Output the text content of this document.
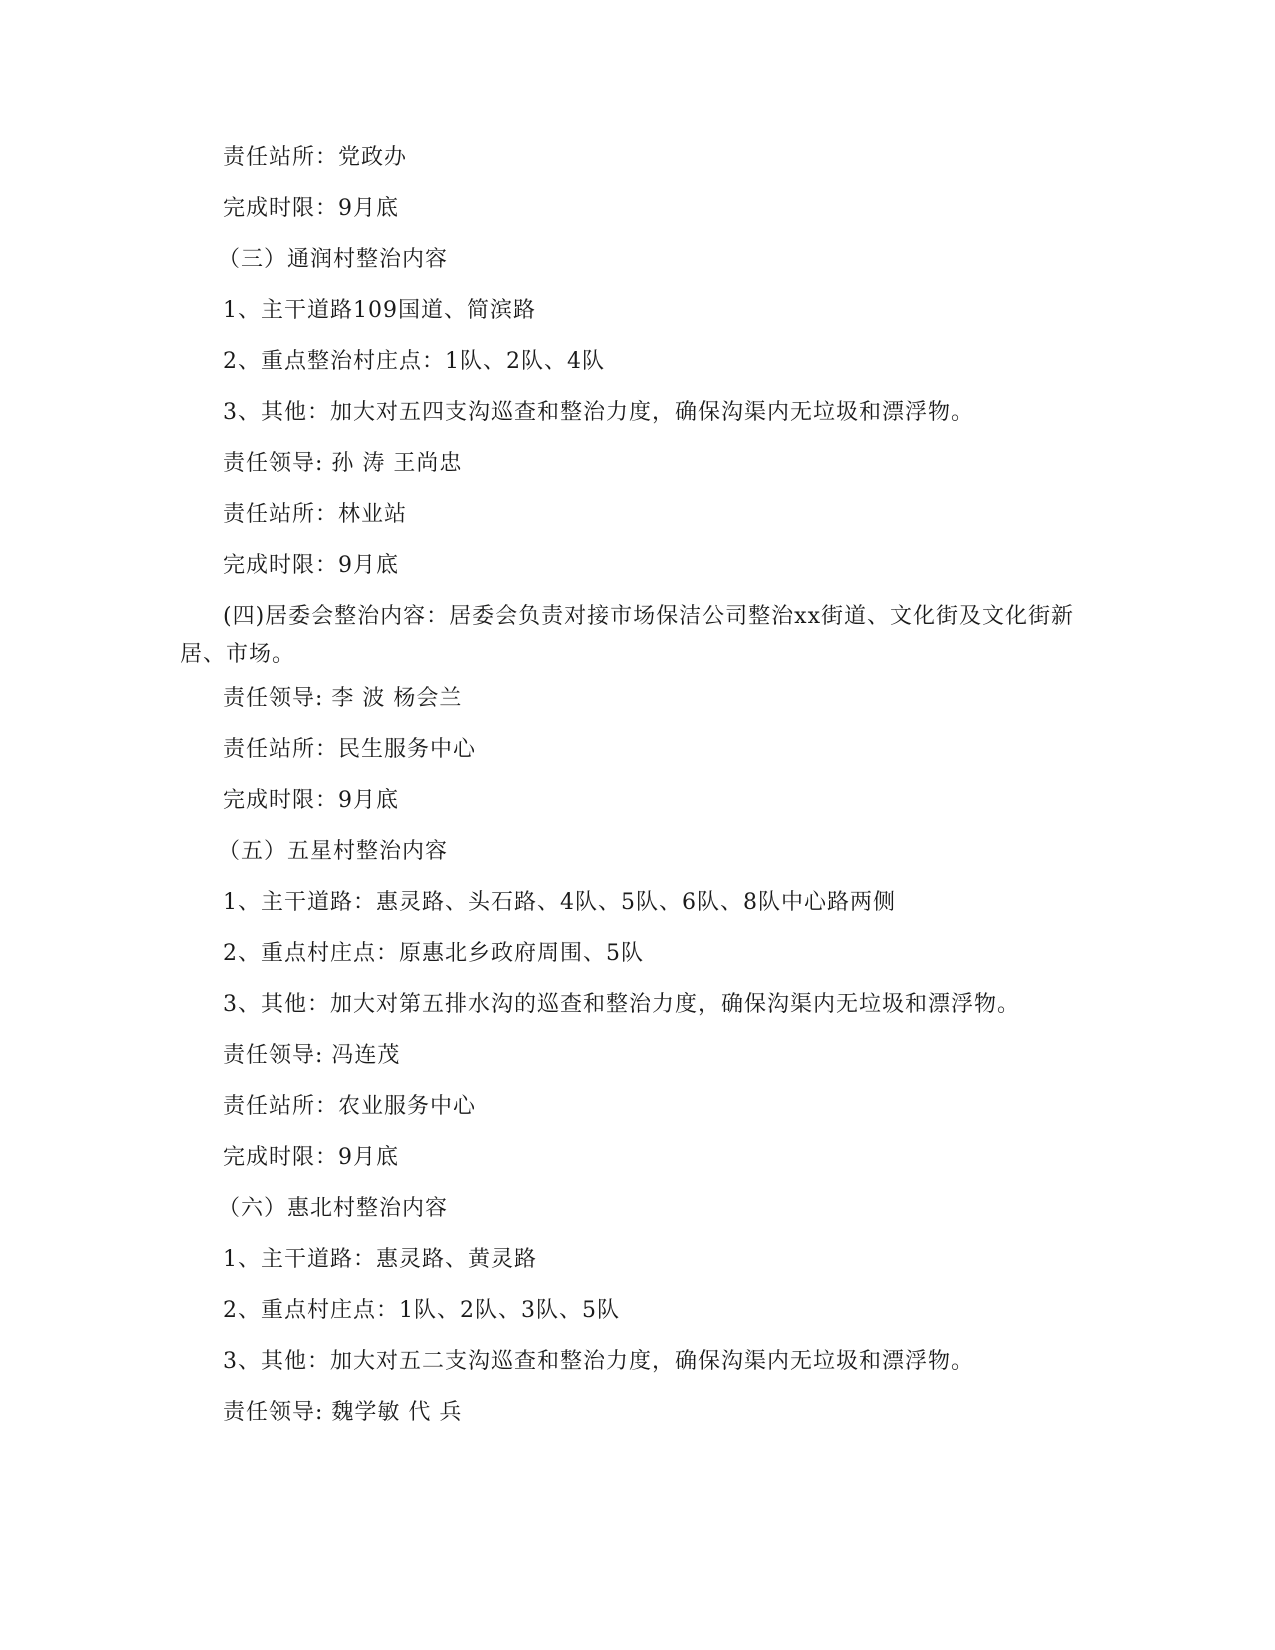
责任站所：党政办
完成时限：9月底
（三）通润村整治内容
1、主干道路109国道、简滨路
2、重点整治村庄点：1队、2队、4队
3、其他：加大对五四支沟巡查和整治力度，确保沟渠内无垃圾和漂浮物。
责任领导: 孙 涛 王尚忠
责任站所：林业站
完成时限：9月底
(四)居委会整治内容：居委会负责对接市场保洁公司整治xx街道、文化街及文化街新居、市场。
责任领导: 李 波 杨会兰
责任站所：民生服务中心
完成时限：9月底
（五）五星村整治内容
1、主干道路：惠灵路、头石路、4队、5队、6队、8队中心路两侧
2、重点村庄点：原惠北乡政府周围、5队
3、其他：加大对第五排水沟的巡查和整治力度，确保沟渠内无垃圾和漂浮物。
责任领导: 冯连茂
责任站所：农业服务中心
完成时限：9月底
（六）惠北村整治内容
1、主干道路：惠灵路、黄灵路
2、重点村庄点：1队、2队、3队、5队
3、其他：加大对五二支沟巡查和整治力度，确保沟渠内无垃圾和漂浮物。
责任领导: 魏学敏 代 兵
